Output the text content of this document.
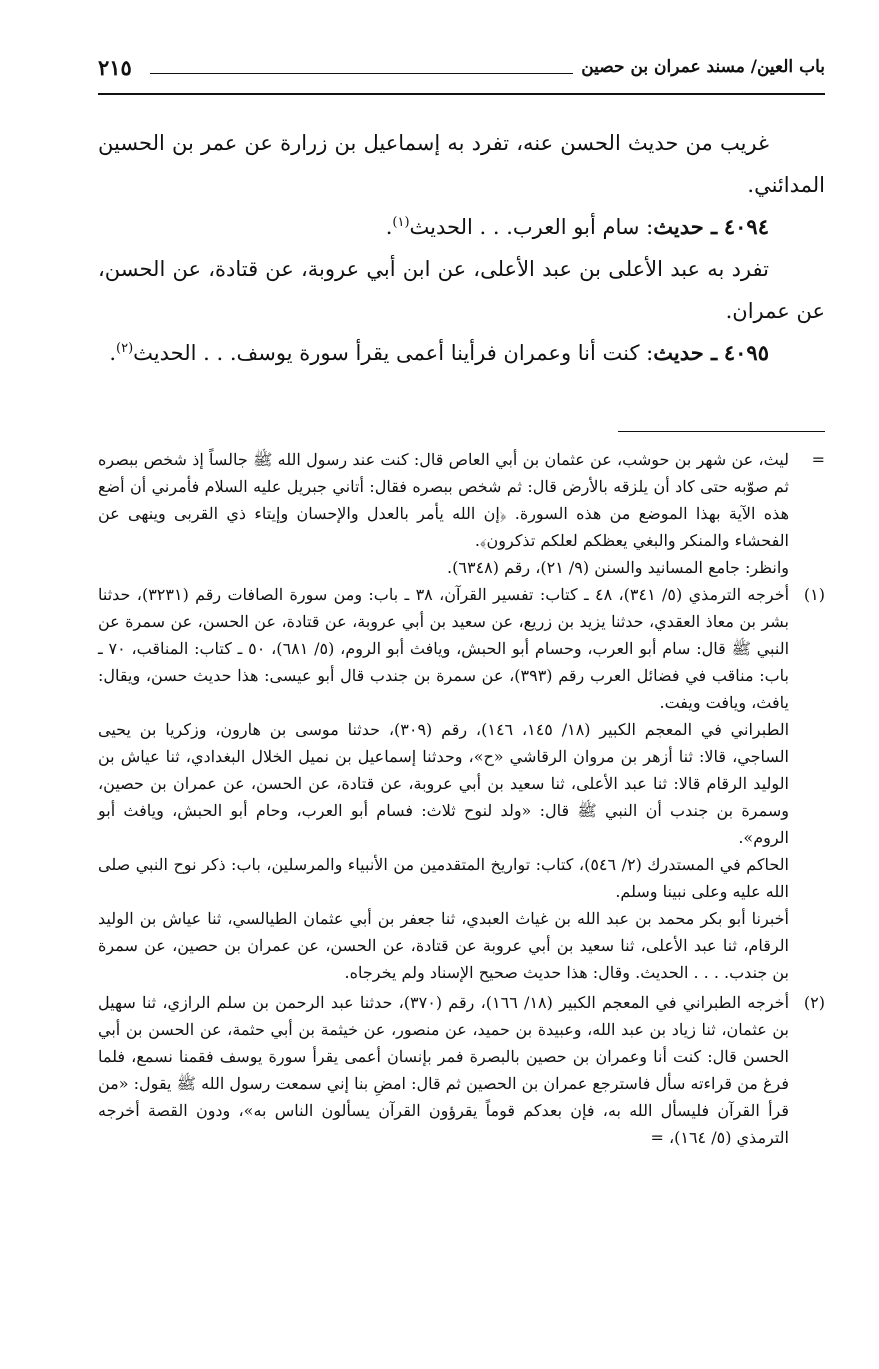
باب العين/ مسند عمران بن حصين
٢١٥

غريب من حديث الحسن عنه، تفرد به إسماعيل بن زرارة عن عمر بن الحسين المدائني.

٤٠٩٤ ـ حديث: سام أبو العرب. . . الحديث$^{(١)}$.

تفرد به عبد الأعلى بن عبد الأعلى، عن ابن أبي عروبة، عن قتادة، عن الحسن، عن عمران.

٤٠٩٥ ـ حديث: كنت أنا وعمران فرأينا أعمى يقرأ سورة يوسف. . . الحديث$^{(٢)}$.

=

ليث، عن شهر بن حوشب، عن عثمان بن أبي العاص قال: كنت عند رسول الله ﷺ جالساً إذ شخص ببصره ثم صوّبه حتى كاد أن يلزقه بالأرض قال: ثم شخص ببصره فقال: أتاني جبريل عليه السلام فأمرني أن أضع هذه الآية بهذا الموضع من هذه السورة. ﴿إن الله يأمر بالعدل والإحسان وإيتاء ذي القربى وينهى عن الفحشاء والمنكر والبغي يعظكم لعلكم تذكرون﴾.

وانظر: جامع المسانيد والسنن (٩/ ٢١)، رقم (٦٣٤٨).

(١)

أخرجه الترمذي (٥/ ٣٤١)، ٤٨ ـ كتاب: تفسير القرآن، ٣٨ ـ باب: ومن سورة الصافات رقم (٣٢٣١)، حدثنا بشر بن معاذ العقدي، حدثنا يزيد بن زريع، عن سعيد بن أبي عروبة، عن قتادة، عن الحسن، عن سمرة عن النبي ﷺ قال: سام أبو العرب، وحسام أبو الحبش، ويافث أبو الروم، (٥/ ٦٨١)، ٥٠ ـ كتاب: المناقب، ٧٠ ـ باب: مناقب في فضائل العرب رقم (٣٩٣)، عن سمرة بن جندب قال أبو عيسى: هذا حديث حسن، ويقال: يافث، ويافت ويفت.

الطبراني في المعجم الكبير (١٨/ ١٤٥، ١٤٦)، رقم (٣٠٩)، حدثنا موسى بن هارون، وزكريا بن يحيى الساجي، قالا: ثنا أزهر بن مروان الرقاشي «ح»، وحدثنا إسماعيل بن نميل الخلال البغدادي، ثنا عياش بن الوليد الرقام قالا: ثنا عبد الأعلى، ثنا سعيد بن أبي عروبة، عن قتادة، عن الحسن، عن عمران بن حصين، وسمرة بن جندب أن النبي ﷺ قال: «ولد لنوح ثلاث: فسام أبو العرب، وحام أبو الحبش، ويافث أبو الروم».

الحاكم في المستدرك (٢/ ٥٤٦)، كتاب: تواريخ المتقدمين من الأنبياء والمرسلين، باب: ذكر نوح النبي صلى الله عليه وعلى نبينا وسلم.

أخبرنا أبو بكر محمد بن عبد الله بن غياث العبدي، ثنا جعفر بن أبي عثمان الطيالسي، ثنا عياش بن الوليد الرقام، ثنا عبد الأعلى، ثنا سعيد بن أبي عروبة عن قتادة، عن الحسن، عن عمران بن حصين، عن سمرة بن جندب. . . . الحديث. وقال: هذا حديث صحيح الإسناد ولم يخرجاه.

(٢)

أخرجه الطبراني في المعجم الكبير (١٨/ ١٦٦)، رقم (٣٧٠)، حدثنا عبد الرحمن بن سلم الرازي، ثنا سهيل بن عثمان، ثنا زياد بن عبد الله، وعبيدة بن حميد، عن منصور، عن خيثمة بن أبي حثمة، عن الحسن بن أبي الحسن قال: كنت أنا وعمران بن حصين بالبصرة فمر بإنسان أعمى يقرأ سورة يوسف فقمنا نسمع، فلما فرغ من قراءته سأل فاسترجع عمران بن الحصين ثم قال: امضِ بنا إني سمعت رسول الله ﷺ يقول: «من قرأ القرآن فليسأل الله به، فإن بعدكم قوماً يقرؤون القرآن يسألون الناس به»، ودون القصة أخرجه الترمذي (٥/ ١٦٤)، =
